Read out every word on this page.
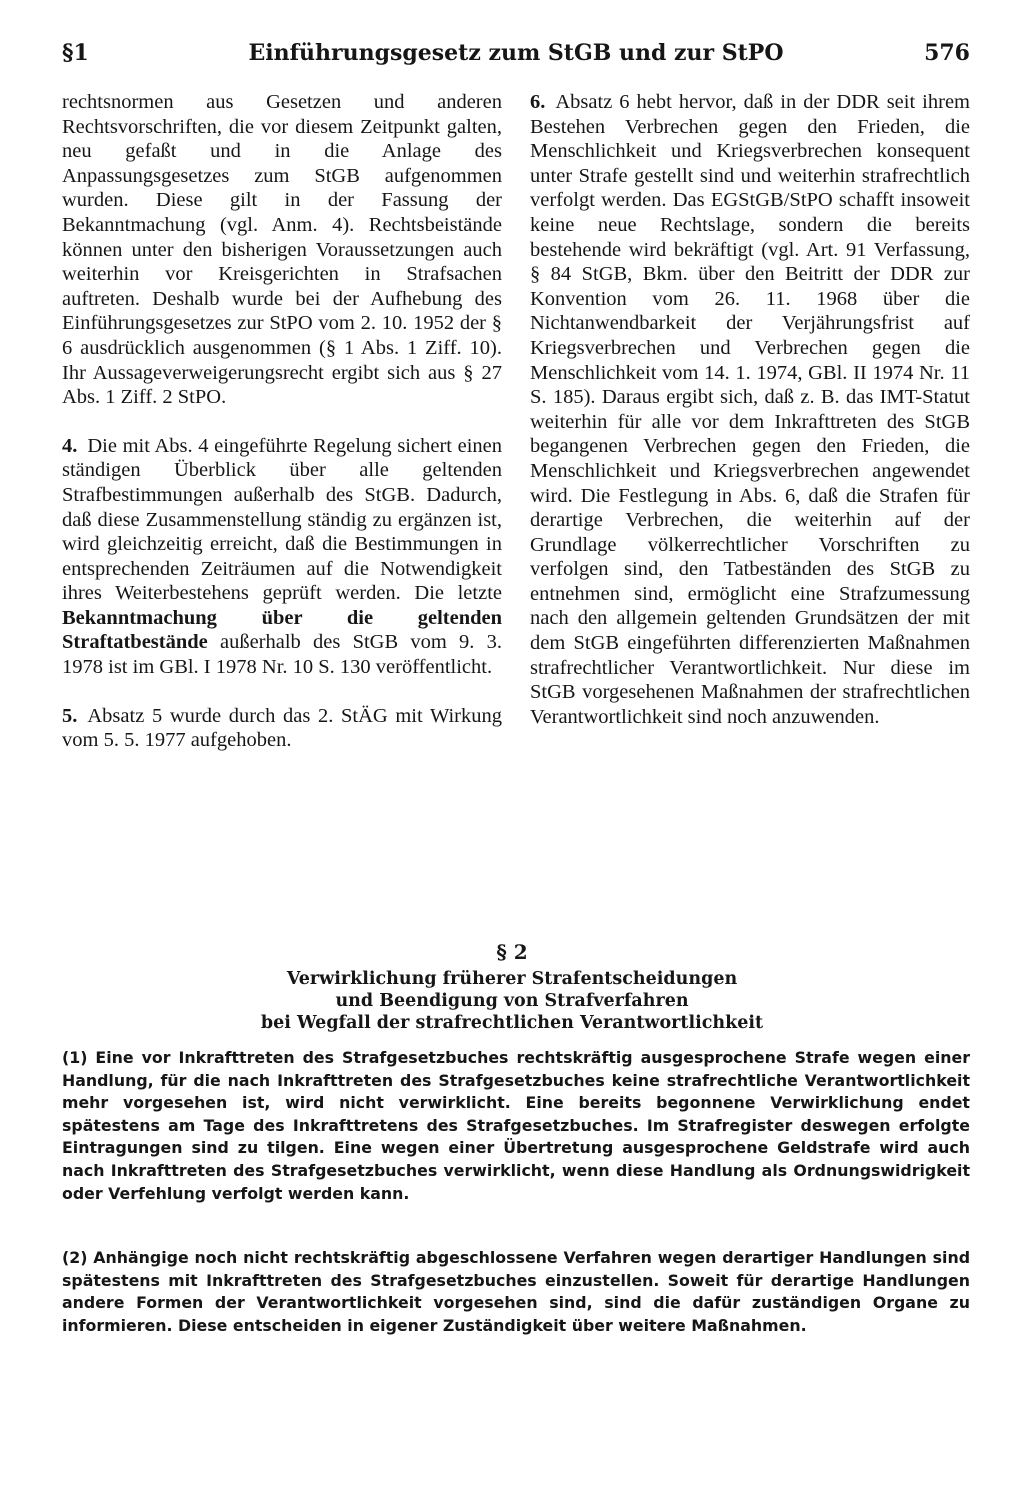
§1	Einführungsgesetz zum StGB und zur StPO	576

rechtsnormen aus Gesetzen und anderen Rechtsvorschriften, die vor diesem Zeitpunkt galten, neu gefaßt und in die Anlage des Anpassungsgesetzes zum StGB aufgenommen wurden. Diese gilt in der Fassung der Bekanntmachung (vgl. Anm. 4). Rechtsbeistände können unter den bisherigen Voraussetzungen auch weiterhin vor Kreisgerichten in Strafsachen auftreten. Deshalb wurde bei der Aufhebung des Einführungsgesetzes zur StPO vom 2. 10. 1952 der § 6 ausdrücklich ausgenommen (§ 1 Abs. 1 Ziff. 10). Ihr Aussageverweigerungsrecht ergibt sich aus § 27 Abs. 1 Ziff. 2 StPO.

4. Die mit Abs. 4 eingeführte Regelung sichert einen ständigen Überblick über alle geltenden Strafbestimmungen außerhalb des StGB. Dadurch, daß diese Zusammenstellung ständig zu ergänzen ist, wird gleichzeitig erreicht, daß die Bestimmungen in entsprechenden Zeiträumen auf die Notwendigkeit ihres Weiterbestehens geprüft werden. Die letzte Bekanntmachung über die geltenden Straftatbestände außerhalb des StGB vom 9. 3. 1978 ist im GBl. I 1978 Nr. 10 S. 130 veröffentlicht.

5. Absatz 5 wurde durch das 2. StÄG mit Wirkung vom 5. 5. 1977 aufgehoben.

6. Absatz 6 hebt hervor, daß in der DDR seit ihrem Bestehen Verbrechen gegen den Frieden, die Menschlichkeit und Kriegsverbrechen konsequent unter Strafe gestellt sind und weiterhin strafrechtlich verfolgt werden. Das EGStGB/StPO schafft insoweit keine neue Rechtslage, sondern die bereits bestehende wird bekräftigt (vgl. Art. 91 Verfassung, § 84 StGB, Bkm. über den Beitritt der DDR zur Konvention vom 26. 11. 1968 über die Nichtanwendbarkeit der Verjährungsfrist auf Kriegsverbrechen und Verbrechen gegen die Menschlichkeit vom 14. 1. 1974, GBl. II 1974 Nr. 11 S. 185). Daraus ergibt sich, daß z. B. das IMT-Statut weiterhin für alle vor dem Inkrafttreten des StGB begangenen Verbrechen gegen den Frieden, die Menschlichkeit und Kriegsverbrechen angewendet wird. Die Festlegung in Abs. 6, daß die Strafen für derartige Verbrechen, die weiterhin auf der Grundlage völkerrechtlicher Vorschriften zu verfolgen sind, den Tatbeständen des StGB zu entnehmen sind, ermöglicht eine Strafzumessung nach den allgemein geltenden Grundsätzen der mit dem StGB eingeführten differenzierten Maßnahmen strafrechtlicher Verantwortlichkeit. Nur diese im StGB vorgesehenen Maßnahmen der strafrechtlichen Verantwortlichkeit sind noch anzuwenden.

§ 2
Verwirklichung früherer Strafentscheidungen
und Beendigung von Strafverfahren
bei Wegfall der strafrechtlichen Verantwortlichkeit

(1) Eine vor Inkrafttreten des Strafgesetzbuches rechtskräftig ausgesprochene Strafe wegen einer Handlung, für die nach Inkrafttreten des Strafgesetzbuches keine strafrechtliche Verantwortlichkeit mehr vorgesehen ist, wird nicht verwirklicht. Eine bereits begonnene Verwirklichung endet spätestens am Tage des Inkrafttretens des Strafgesetzbuches. Im Strafregister deswegen erfolgte Eintragungen sind zu tilgen. Eine wegen einer Übertretung ausgesprochene Geldstrafe wird auch nach Inkrafttreten des Strafgesetzbuches verwirklicht, wenn diese Handlung als Ordnungswidrigkeit oder Verfehlung verfolgt werden kann.

(2) Anhängige noch nicht rechtskräftig abgeschlossene Verfahren wegen derartiger Handlungen sind spätestens mit Inkrafttreten des Strafgesetzbuches einzustellen. Soweit für derartige Handlungen andere Formen der Verantwortlichkeit vorgesehen sind, sind die dafür zuständigen Organe zu informieren. Diese entscheiden in eigener Zuständigkeit über weitere Maßnahmen.
